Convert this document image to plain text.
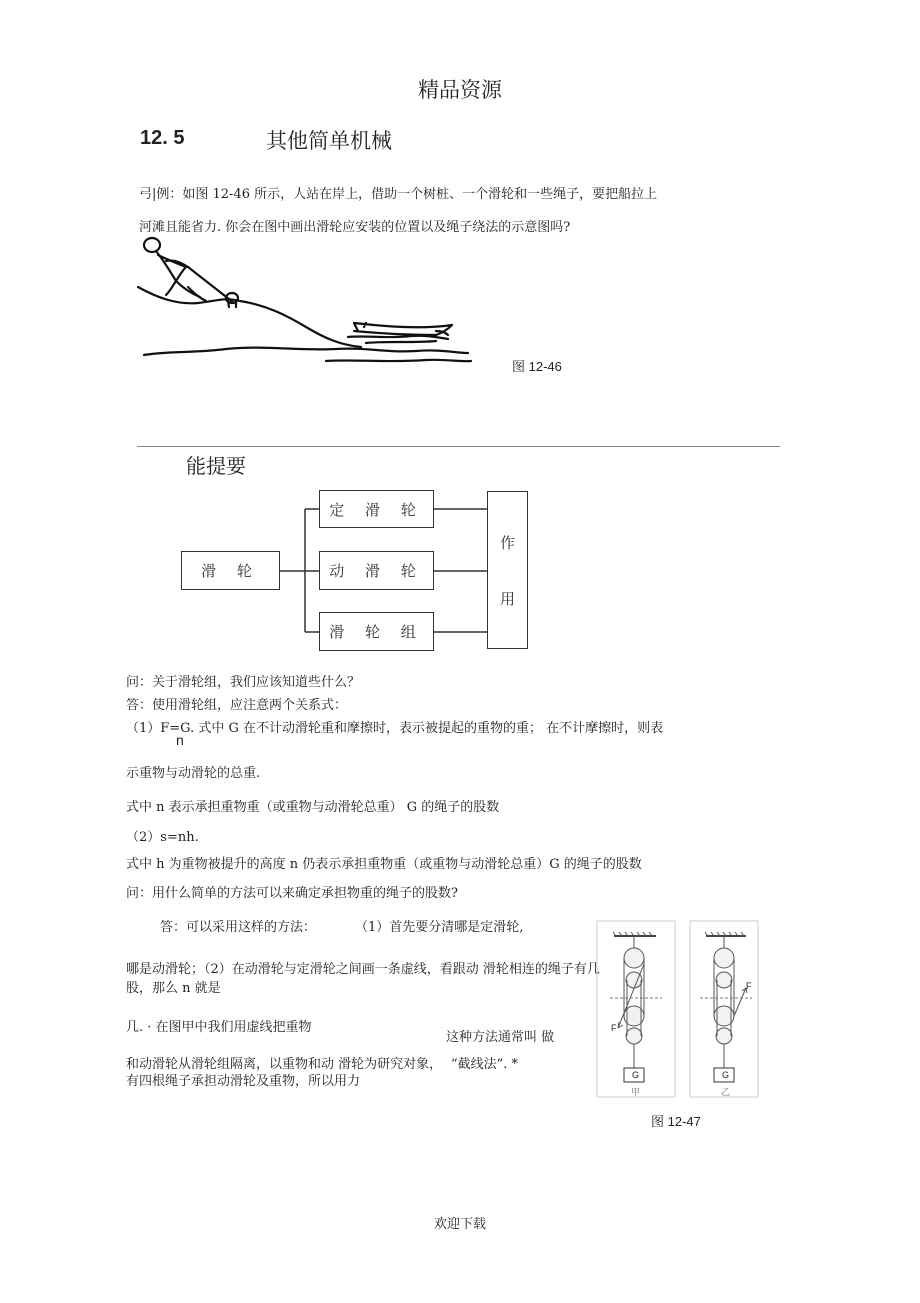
精品资源
12. 5	其他简单机械
弓|例：如图 12-46 所示，人站在岸上，借助一个树桩、一个滑轮和一些绳子，要把船拉上
河滩且能省力. 你会在图中画出滑轮应安装的位置以及绳子绕法的示意图吗?
图 12-46
能提要
滑 轮
定 滑 轮
动 滑 轮
滑 轮 组
作
用
问：关于滑轮组，我们应该知道些什么？
答：使用滑轮组，应注意两个关系式：
（1）F=G. 式中 G 在不计动滑轮重和摩擦时，表示被提起的重物的重； 在不计摩擦时，则表
n
示重物与动滑轮的总重.
式中 n 表示承担重物重（或重物与动滑轮总重） G 的绳子的股数
（2）s=nh.
式中 h 为重物被提升的高度 n 仍表示承担重物重（或重物与动滑轮总重）G 的绳子的股数
问：用什么简单的方法可以来确定承担物重的绳子的股数?
答：可以采用这样的方法：	（1）首先要分清哪是定滑轮,
哪是动滑轮；（2）在动滑轮与定滑轮之间画一条虚线，看跟动 滑轮相连的绳子有几
股，那么 n 就是
几. · 在图甲中我们用虚线把重物
这种方法通常叫 做
和动滑轮从滑轮组隔离，以重物和动 滑轮为研究对象， “截线法”. *
有四根绳子承担动滑轮及重物，所以用力	G	G
F
F
甲	乙
图 12-47
欢迎下载
